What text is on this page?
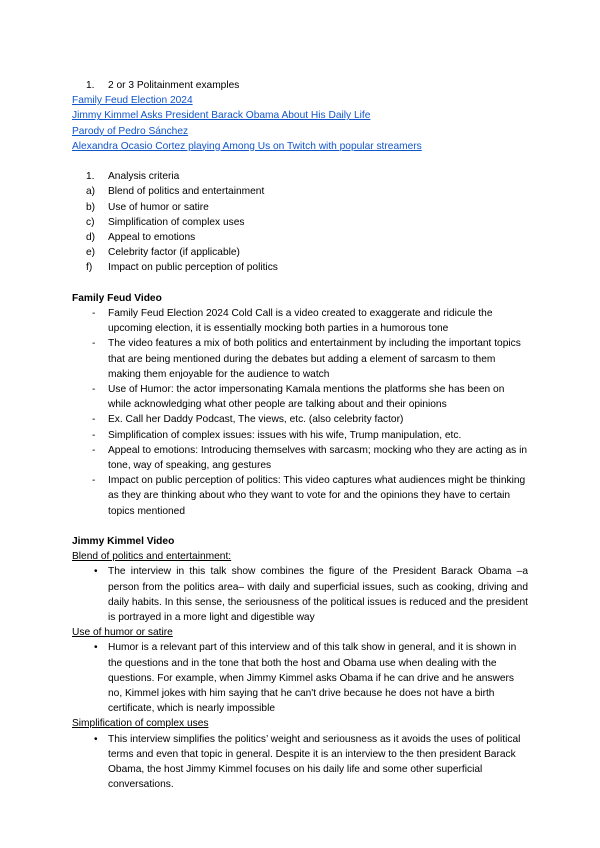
1.	2 or 3 Politainment examples
Family Feud Election 2024
Jimmy Kimmel Asks President Barack Obama About His Daily Life
Parody of Pedro Sánchez
Alexandra Ocasio Cortez playing Among Us on Twitch with popular streamers
1.	Analysis criteria
a)	Blend of politics and entertainment
b)	Use of humor or satire
c)	Simplification of complex uses
d)	Appeal to emotions
e)	Celebrity factor (if applicable)
f)	Impact on public perception of politics
Family Feud Video
-
Family Feud Election 2024 Cold Call is a video created to exaggerate and ridicule the upcoming election, it is essentially mocking both parties in a humorous tone
-
The video features a mix of both politics and entertainment by including the important topics that are being mentioned during the debates but adding a element of sarcasm to them making them enjoyable for the audience to watch
-
Use of Humor: the actor impersonating Kamala mentions the platforms she has been on while acknowledging what other people are talking about and their opinions
-
Ex. Call her Daddy Podcast, The views, etc. (also celebrity factor)
-
Simplification of complex issues: issues with his wife, Trump manipulation, etc.
-
Appeal to emotions: Introducing themselves with sarcasm; mocking who they are acting as in tone, way of speaking, ang gestures
-
Impact on public perception of politics: This video captures what audiences might be thinking as they are thinking about who they want to vote for and the opinions they have to certain topics mentioned
Jimmy Kimmel Video
Blend of politics and entertainment:
•
The interview in this talk show combines the figure of the President Barack Obama –a person from the politics area– with daily and superficial issues, such as cooking, driving and daily habits. In this sense, the seriousness of the political issues is reduced and the president is portrayed in a more light and digestible way
Use of humor or satire
•
Humor is a relevant part of this interview and of this talk show in general, and it is shown in the questions and in the tone that both the host and Obama use when dealing with the questions. For example, when Jimmy Kimmel asks Obama if he can drive and he answers no, Kimmel jokes with him saying that he can't drive because he does not have a birth certificate, which is nearly impossible
Simplification of complex uses
•
This interview simplifies the politics’ weight and seriousness as it avoids the uses of political terms and even that topic in general. Despite it is an interview to the then president Barack Obama, the host Jimmy Kimmel focuses on his daily life and some other superficial conversations.
